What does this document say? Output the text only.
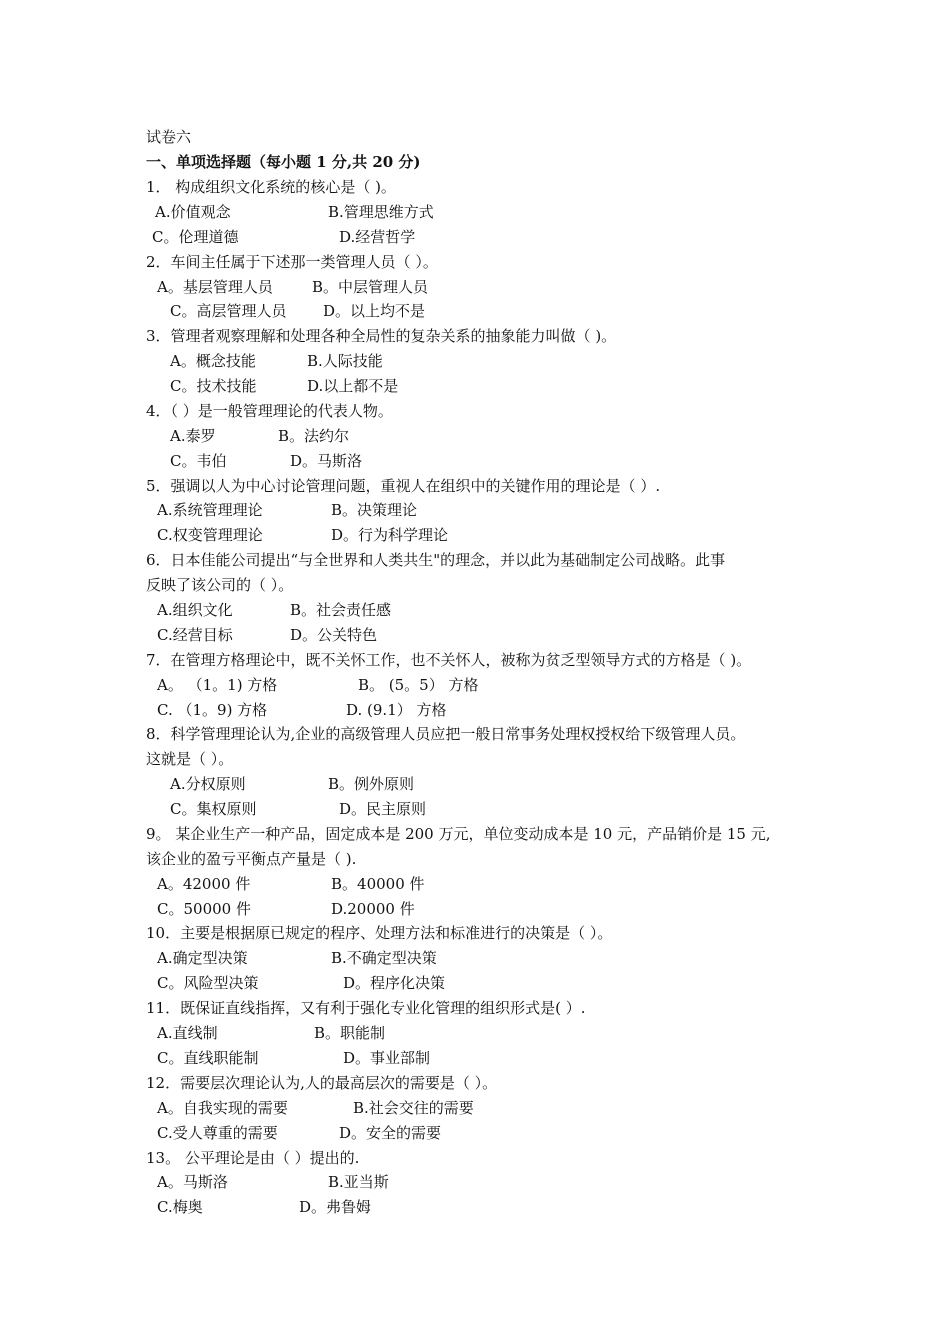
试卷六
一、单项选择题（每小题 1 分,共 20 分)
1． 构成组织文化系统的核心是（ )。
A.价值观念	B.管理思维方式
C。伦理道德	D.经营哲学
2．车间主任属于下述那一类管理人员（ ）。
A。基层管理人员	B。中层管理人员
C。高层管理人员 D。以上均不是
3．管理者观察理解和处理各种全局性的复杂关系的抽象能力叫做（ )。
A。概念技能	B.人际技能
C。技术技能	D.以上都不是
4．（ ）是一般管理理论的代表人物。
A.泰罗	B。法约尔
C。韦伯	D。马斯洛
5．强调以人为中心讨论管理问题，重视人在组织中的关键作用的理论是（ ）.
A.系统管理理论	B。决策理论
C.权变管理理论	D。行为科学理论
6．日本佳能公司提出“与全世界和人类共生"的理念，并以此为基础制定公司战略。此事
反映了该公司的（ ）。
A.组织文化	B。社会责任感
C.经营目标	D。公关特色
7．在管理方格理论中，既不关怀工作，也不关怀人，被称为贫乏型领导方式的方格是（ )。
A。 （1。1) 方格	B。 (5。5） 方格
C. （1。9) 方格	D. (9.1） 方格
8．科学管理理论认为,企业的高级管理人员应把一般日常事务处理权授权给下级管理人员。
这就是（ ）。
A.分权原则	B。例外原则
C。集权原则	D。民主原则
9。 某企业生产一种产品，固定成本是 200 万元，单位变动成本是 10 元，产品销价是 15 元,
该企业的盈亏平衡点产量是（ ).
A。42000 件	B。40000 件
C。50000 件	D.20000 件
10．主要是根据原已规定的程序、处理方法和标准进行的决策是（ ）。
A.确定型决策	B.不确定型决策
C。风险型决策	D。程序化决策
11．既保证直线指挥，又有利于强化专业化管理的组织形式是( ）.
A.直线制	B。职能制
C。直线职能制	D。事业部制
12．需要层次理论认为,人的最高层次的需要是（ ）。
A。自我实现的需要	B.社会交往的需要
C.受人尊重的需要	D。安全的需要
13。 公平理论是由（ ）提出的.
A。马斯洛	B.亚当斯
C.梅奥	D。弗鲁姆
